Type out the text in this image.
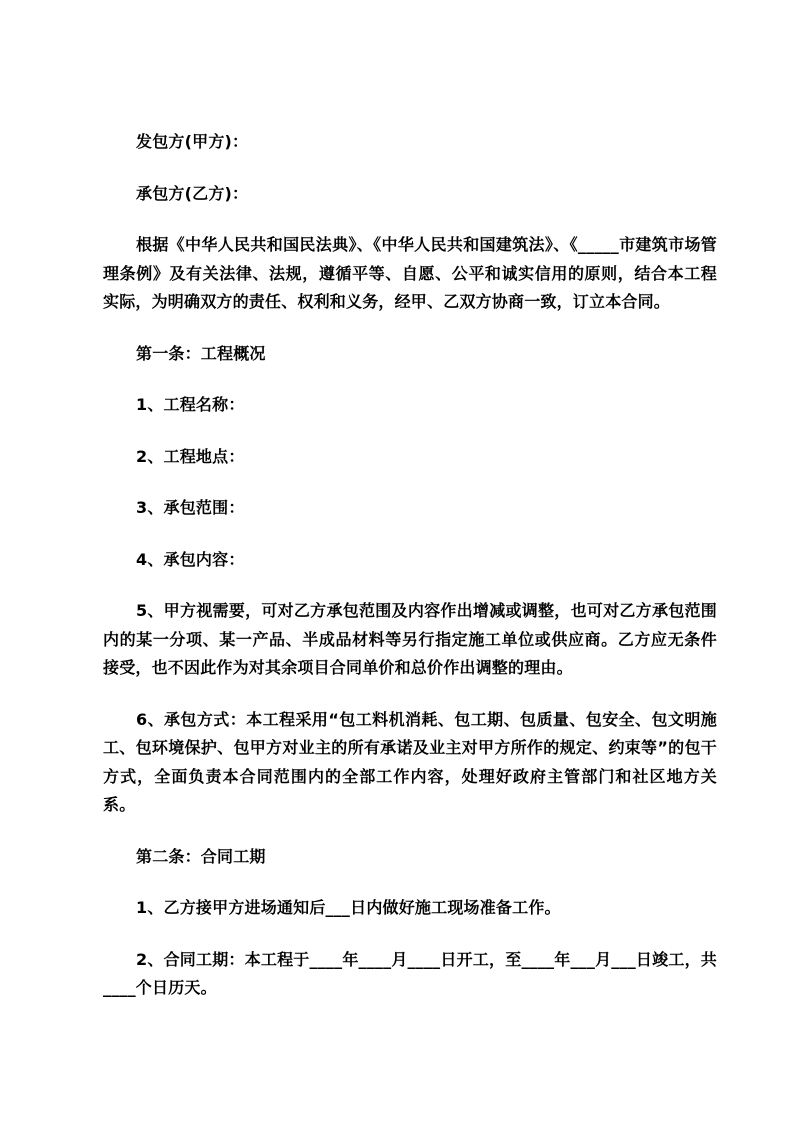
发包方(甲方)：

承包方(乙方)：

根据《中华人民共和国民法典》、《中华人民共和国建筑法》、《_____市建筑市场管理条例》及有关法律、法规，遵循平等、自愿、公平和诚实信用的原则，结合本工程实际，为明确双方的责任、权利和义务，经甲、乙双方协商一致，订立本合同。

第一条：工程概况

1、工程名称：

2、工程地点：

3、承包范围：

4、承包内容：

5、甲方视需要，可对乙方承包范围及内容作出增减或调整，也可对乙方承包范围内的某一分项、某一产品、半成品材料等另行指定施工单位或供应商。乙方应无条件接受，也不因此作为对其余项目合同单价和总价作出调整的理由。

6、承包方式：本工程采用“包工料机消耗、包工期、包质量、包安全、包文明施工、包环境保护、包甲方对业主的所有承诺及业主对甲方所作的规定、约束等”的包干方式，全面负责本合同范围内的全部工作内容，处理好政府主管部门和社区地方关系。

第二条：合同工期

1、乙方接甲方进场通知后___日内做好施工现场准备工作。

2、合同工期：本工程于____年____月____日开工，至____年___月___日竣工，共____个日历天。
